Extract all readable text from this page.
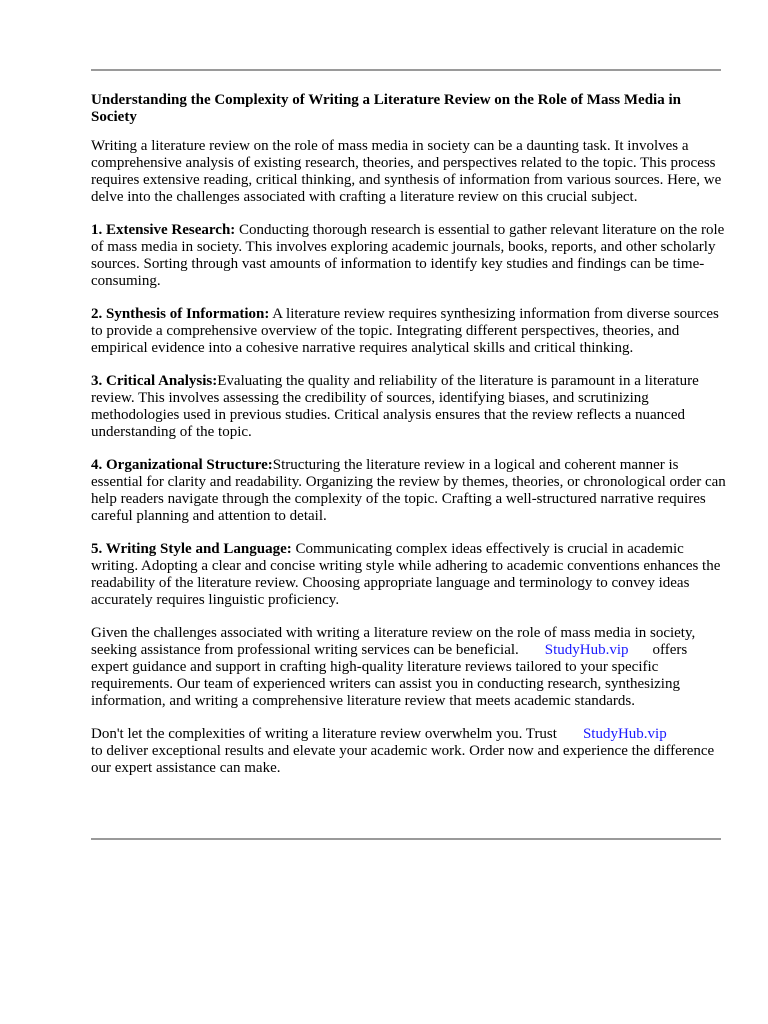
Understanding the Complexity of Writing a Literature Review on the Role of Mass Media in Society

Writing a literature review on the role of mass media in society can be a daunting task. It involves a comprehensive analysis of existing research, theories, and perspectives related to the topic. This process requires extensive reading, critical thinking, and synthesis of information from various sources. Here, we delve into the challenges associated with crafting a literature review on this crucial subject.

1. Extensive Research: Conducting thorough research is essential to gather relevant literature on the role of mass media in society. This involves exploring academic journals, books, reports, and other scholarly sources. Sorting through vast amounts of information to identify key studies and findings can be time-consuming.

2. Synthesis of Information: A literature review requires synthesizing information from diverse sources to provide a comprehensive overview of the topic. Integrating different perspectives, theories, and empirical evidence into a cohesive narrative requires analytical skills and critical thinking.

3. Critical Analysis:Evaluating the quality and reliability of the literature is paramount in a literature review. This involves assessing the credibility of sources, identifying biases, and scrutinizing methodologies used in previous studies. Critical analysis ensures that the review reflects a nuanced understanding of the topic.

4. Organizational Structure:Structuring the literature review in a logical and coherent manner is essential for clarity and readability. Organizing the review by themes, theories, or chronological order can help readers navigate through the complexity of the topic. Crafting a well-structured narrative requires careful planning and attention to detail.

5. Writing Style and Language: Communicating complex ideas effectively is crucial in academic writing. Adopting a clear and concise writing style while adhering to academic conventions enhances the readability of the literature review. Choosing appropriate language and terminology to convey ideas accurately requires linguistic proficiency.

Given the challenges associated with writing a literature review on the role of mass media in society, seeking assistance from professional writing services can be beneficial. StudyHub.vip offers expert guidance and support in crafting high-quality literature reviews tailored to your specific requirements. Our team of experienced writers can assist you in conducting research, synthesizing information, and writing a comprehensive literature review that meets academic standards.

Don't let the complexities of writing a literature review overwhelm you. Trust StudyHub.vip
to deliver exceptional results and elevate your academic work. Order now and experience the difference our expert assistance can make.
